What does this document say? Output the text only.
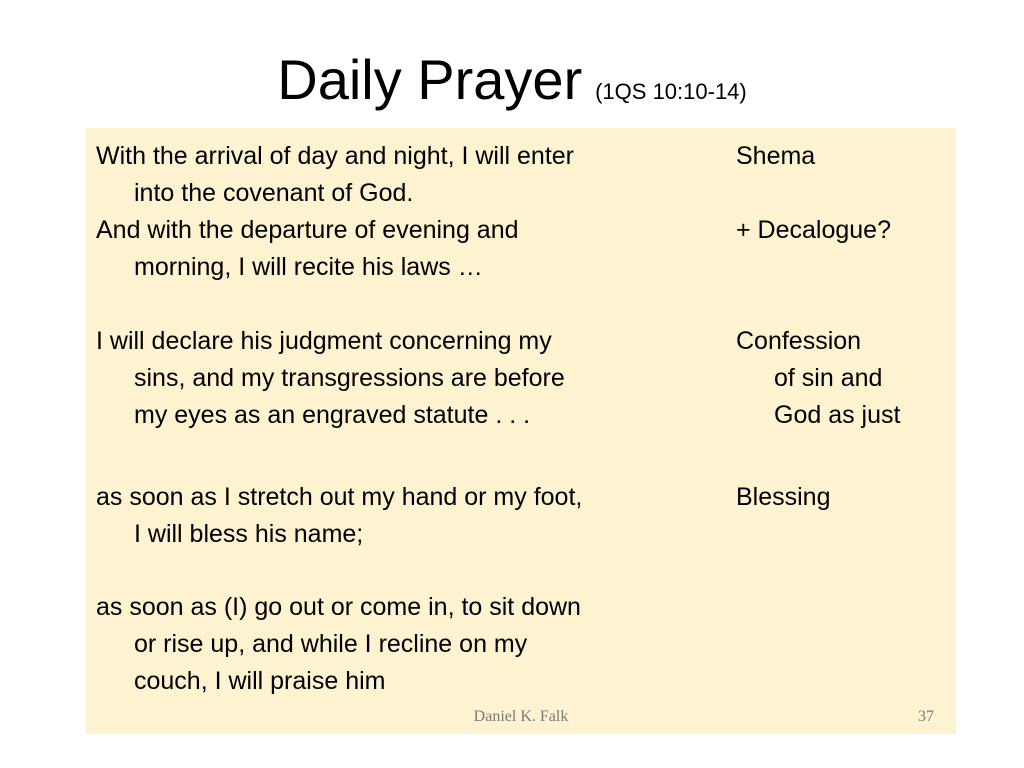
Daily Prayer (1QS 10:10-14)
With the arrival of day and night, I will enter
into the covenant of God.
And with the departure of evening and
morning, I will recite his laws …
I will declare his judgment concerning my
sins, and my transgressions are before
my eyes as an engraved statute . . .
as soon as I stretch out my hand or my foot,
I will bless his name;
as soon as (I) go out or come in, to sit down
or rise up, and while I recline on my
couch, I will praise him
Shema
+ Decalogue?
Confession
of sin and
God as just
Blessing
Daniel K. Falk	37
